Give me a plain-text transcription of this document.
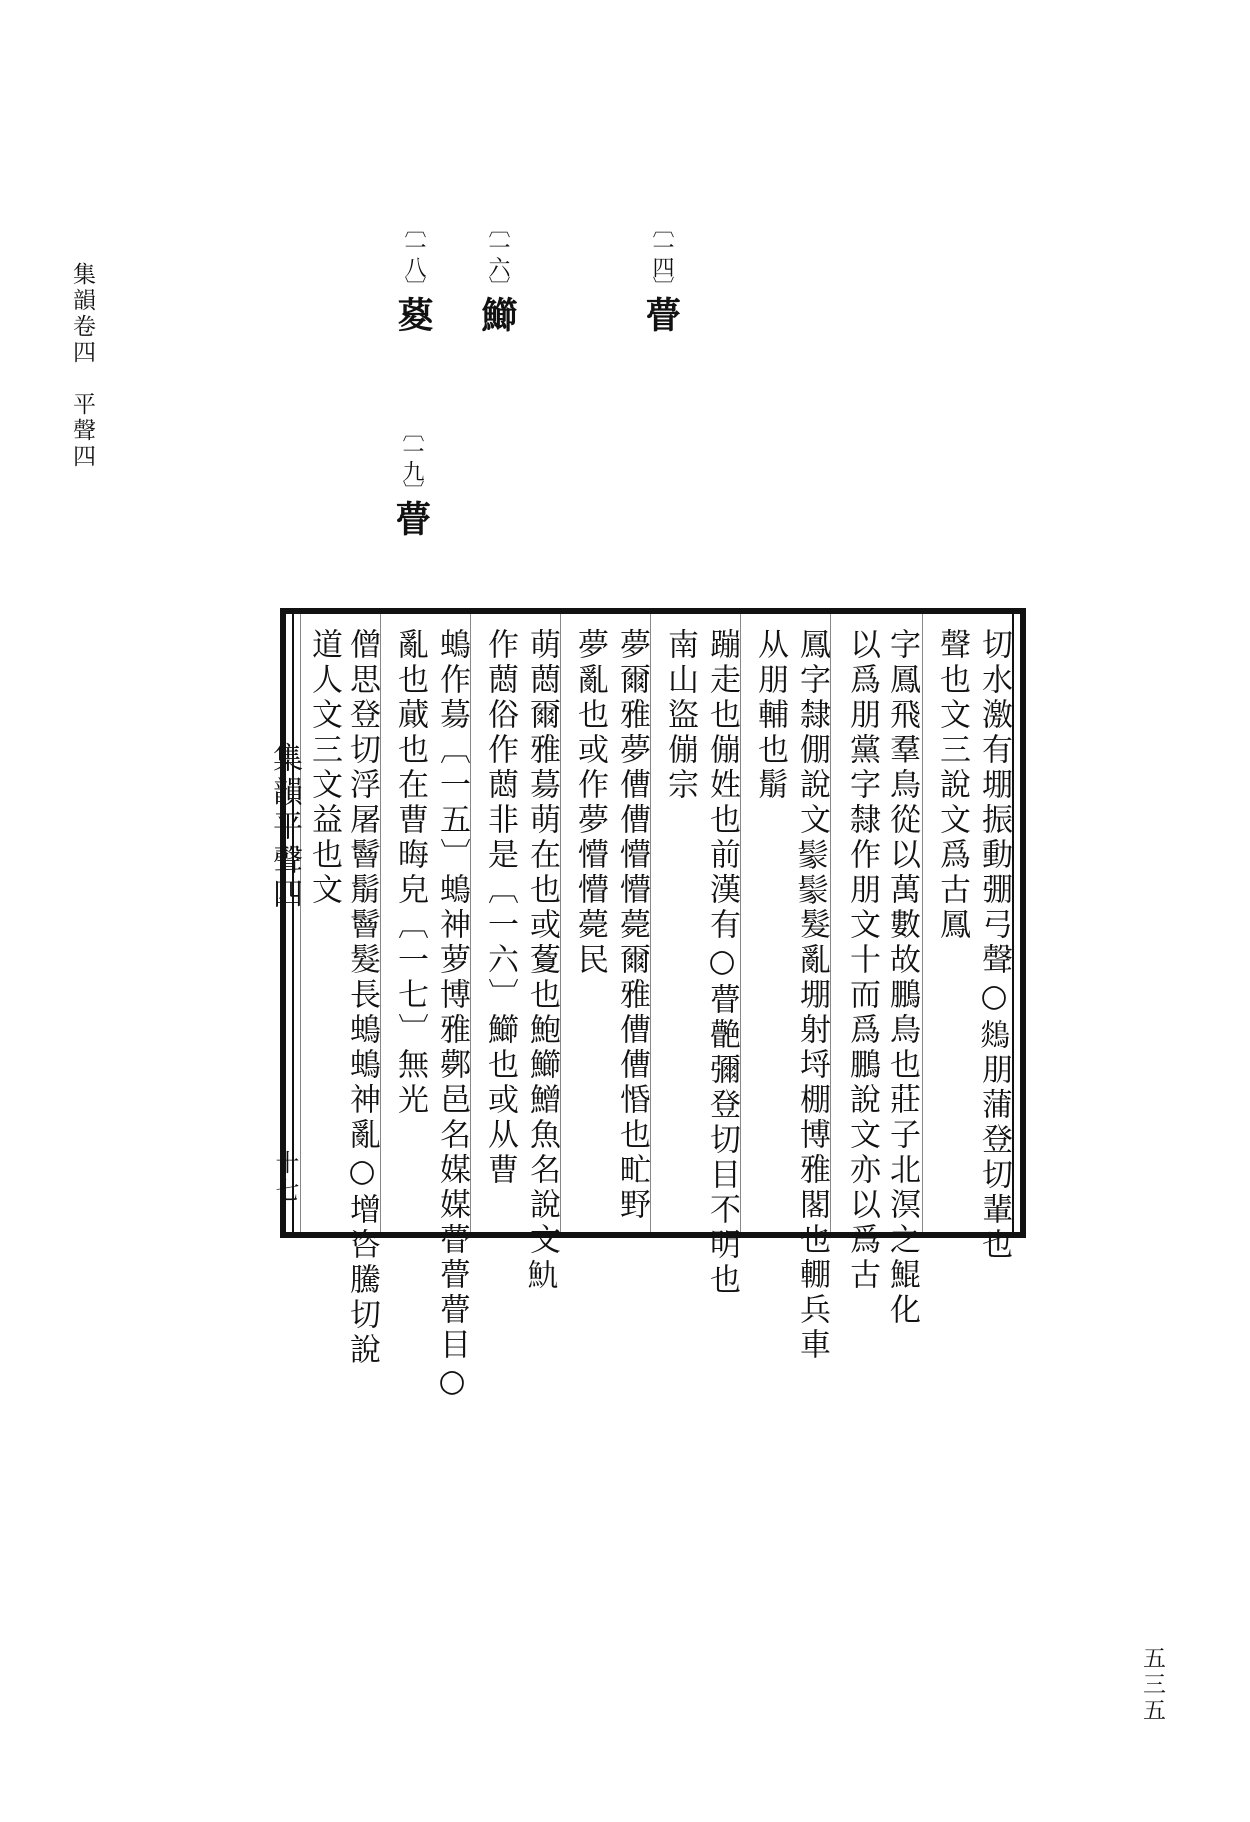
集韻卷四　平聲四
五三五
〔一四〕瞢
〔一六〕䲙
〔一八〕葼
〔一九〕瞢
切水激有堋振動弸弓聲○𪂈朋蒲登切輩也
聲也文三說文爲古鳳
字鳳飛羣鳥從以萬數故鵬鳥也莊子北溟之鯤化
以爲朋黨字隸作朋文十而爲鵬說文亦以爲古
鳳字隸倗說文𩭐𩭐髮亂堋射埒棚博雅閣也輣兵車
从朋輔也鬅
蹦走也傰姓也前漢有○瞢䒐彌登切目不明也
南山盜傰宗
夢爾雅夢傮傮懵懵薨爾雅傮傮惛也甿野
夢亂也或作夢懵懵薨民
萌蕄爾雅𦳝萌在也或藑也鮑䲙鱛魚名說文𩵍
作蕄俗作蕄非是〔一六〕䲙也或从曹
䳋作𦳝〔一五〕䳋神萝博雅鄸邑名媒媒瞢瞢瞢目○
亂也蕆也在曹晦皃〔一七〕無光
僧思登切浮屠鬙鬅鬙髮長䳋䳋神亂○增咨騰切說
道人文三文益也文
集韻平聲四
十七
